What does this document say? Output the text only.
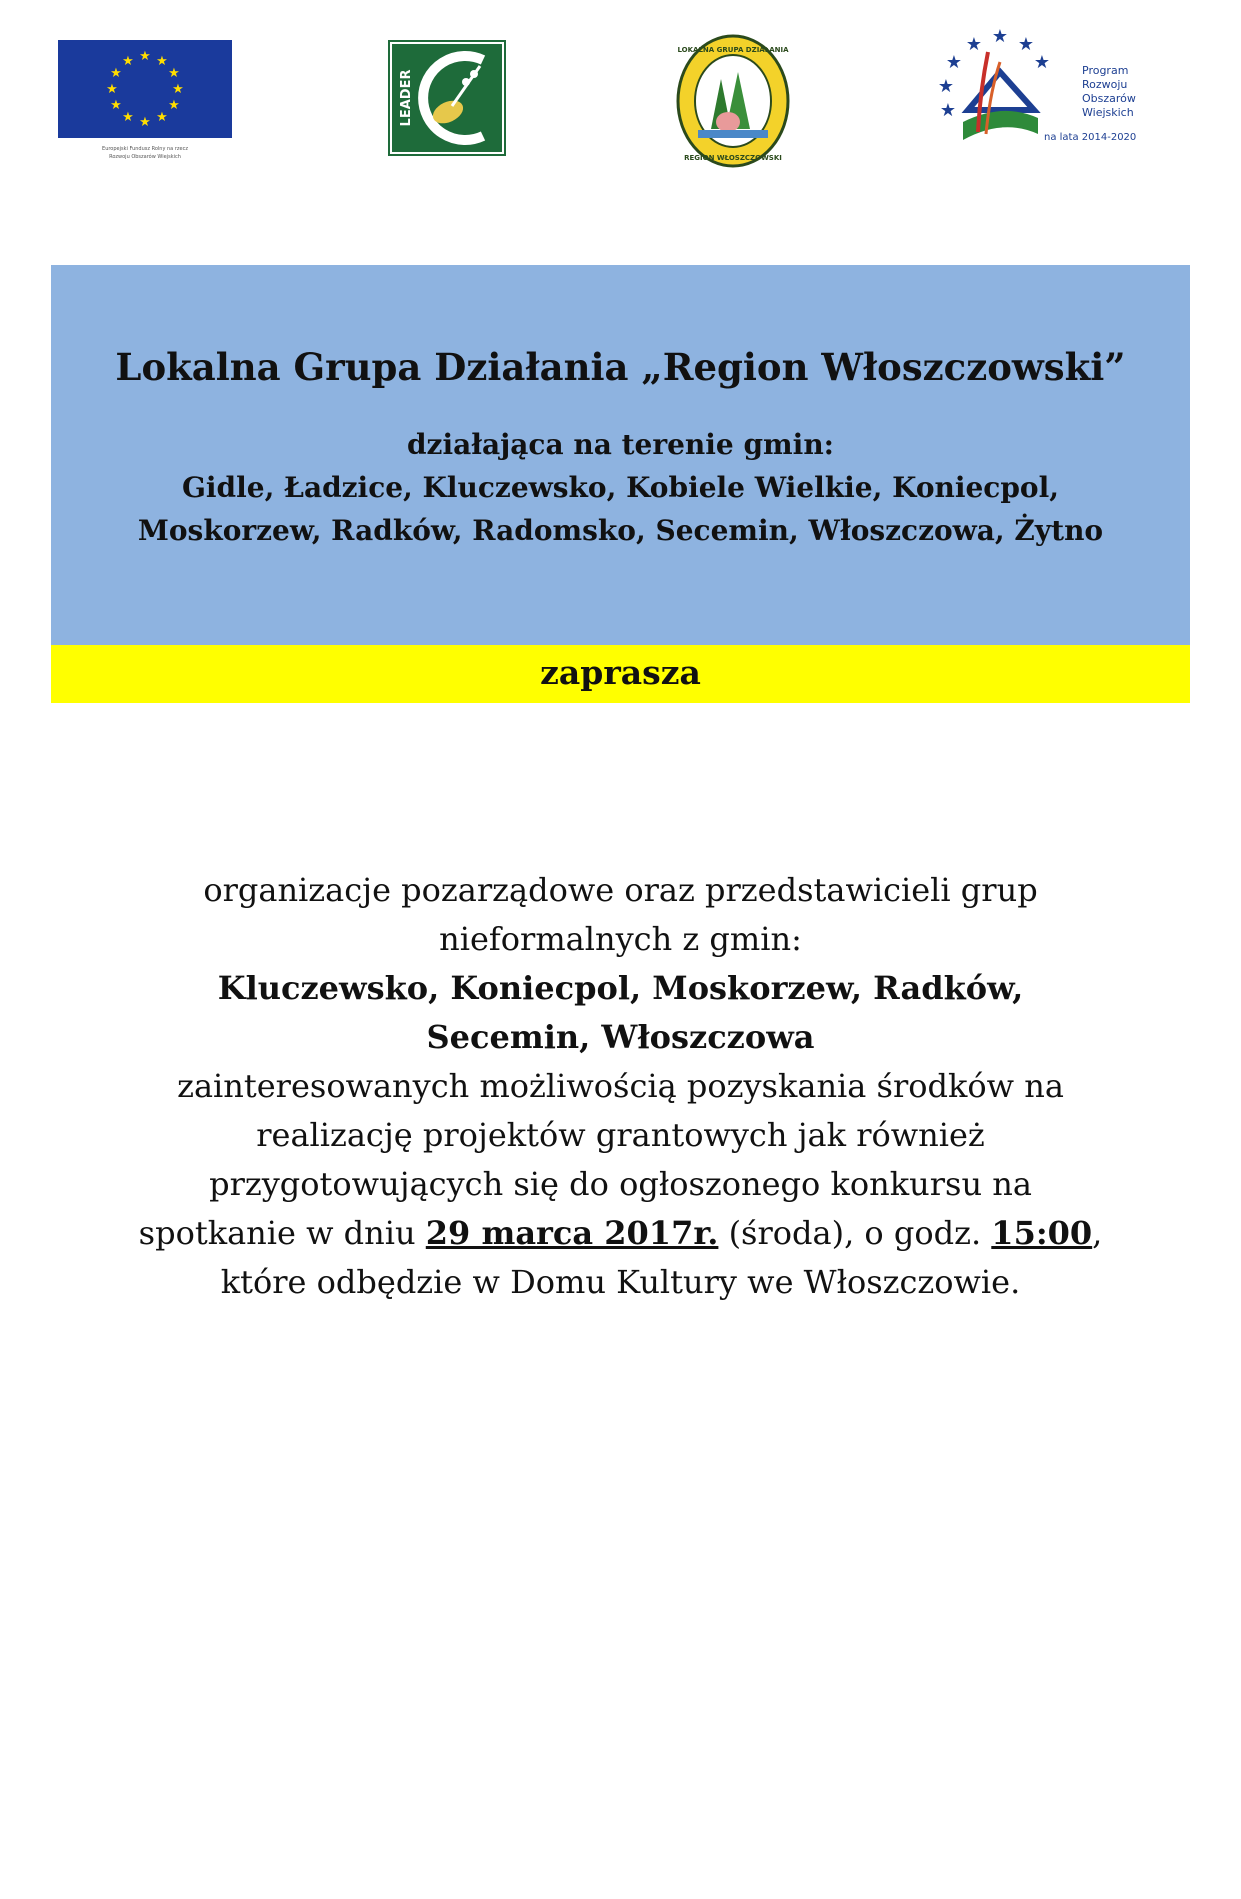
★ ★
★
★
★
★
★
★
★
★
★
★
Europejski Fundusz Rolny na rzecz
Rozwoju Obszarów Wiejskich
LEADER
LOKALNA GRUPA DZIAŁANIA
REGION WŁOSZCZOWSKI
★ ★
★
★	★
★
★
Program
Rozwoju
Obszarów
Wiejskich
na lata 2014-2020
Lokalna Grupa Działania „Region Włoszczowski”
działająca na terenie gmin:
Gidle, Ładzice, Kluczewsko, Kobiele Wielkie, Koniecpol,
Moskorzew, Radków, Radomsko, Secemin, Włoszczowa, Żytno
zaprasza
organizacje pozarządowe oraz przedstawicieli grup
nieformalnych z gmin:
Kluczewsko, Koniecpol, Moskorzew, Radków,
Secemin, Włoszczowa
zainteresowanych możliwością pozyskania środków na
realizację projektów grantowych jak również
przygotowujących się do ogłoszonego konkursu na
spotkanie w dniu 29 marca 2017r. (środa), o godz. 15:00,
które odbędzie w Domu Kultury we Włoszczowie.
